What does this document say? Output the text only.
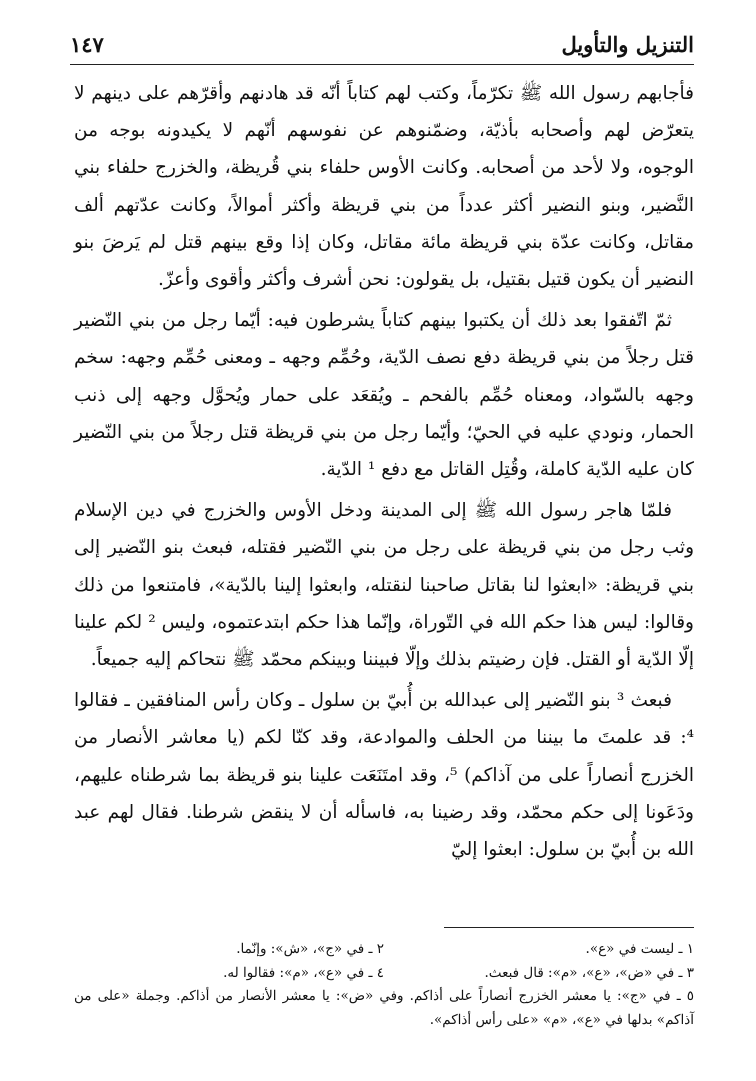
التنزيل والتأويل
١٤٧

فأجابهم رسول الله ﷺ تكرّماً، وكتب لهم كتاباً أنّه قد هادنهم وأقرّهم على دينهم لا يتعرّض لهم وأصحابه بأذيّة، وضمّنوهم عن نفوسهم أنّهم لا يكيدونه بوجه من الوجوه، ولا لأحد من أصحابه. وكانت الأوس حلفاء بني قُريظة، والخزرج حلفاء بني النَّضير، وبنو النضير أكثر عدداً من بني قريظة وأكثر أموالاً، وكانت عدّتهم ألف مقاتل، وكانت عدّة بني قريظة مائة مقاتل، وكان إذا وقع بينهم قتل لم يَرضَ بنو النضير أن يكون قتيل بقتيل، بل يقولون: نحن أشرف وأكثر وأقوى وأعزّ.

ثمّ اتّفقوا بعد ذلك أن يكتبوا بينهم كتاباً يشرطون فيه: أيّما رجل من بني النّضير قتل رجلاً من بني قريظة دفع نصف الدّية، وحُمِّم وجهه ـ ومعنى حُمِّم وجهه: سخم وجهه بالسّواد، ومعناه حُمِّم بالفحم ـ ويُقعَد على حمار ويُحوَّل وجهه إلى ذنب الحمار، ونودي عليه في الحيّ؛ وأيّما رجل من بني قريظة قتل رجلاً من بني النّضير كان عليه الدّية كاملة، وقُتِل القاتل مع دفع ¹ الدّية.

فلمّا هاجر رسول الله ﷺ إلى المدينة ودخل الأوس والخزرج في دين الإسلام وثب رجل من بني قريظة على رجل من بني النّضير فقتله، فبعث بنو النّضير إلى بني قريظة: «ابعثوا لنا بقاتل صاحبنا لنقتله، وابعثوا إلينا بالدّية»، فامتنعوا من ذلك وقالوا: ليس هذا حكم الله في التّوراة، وإنّما هذا حكم ابتدعتموه، وليس ² لكم علينا إلّا الدّية أو القتل. فإن رضيتم بذلك وإلّا فبيننا وبينكم محمّد ﷺ نتحاكم إليه جميعاً.

فبعث ³ بنو النّضير إلى عبدالله بن أُبيّ بن سلول ـ وكان رأس المنافقين ـ فقالوا ⁴: قد علمتَ ما بيننا من الحلف والموادعة، وقد كنّا لكم (يا معاشر الأنصار من الخزرج أنصاراً على من آذاكم) ⁵، وقد امتَنَعَت علينا بنو قريظة بما شرطناه عليهم، ودَعَونا إلى حكم محمّد، وقد رضينا به، فاسأله أن لا ينقض شرطنا. فقال لهم عبد الله بن أُبيّ بن سلول: ابعثوا إليّ

١ ـ ليست في «ع».
٢ ـ في «ج»، «ش»: وإنّما.
٣ ـ في «ض»، «ع»، «م»: قال فبعث.
٤ ـ في «ع»، «م»: فقالوا له.
٥ ـ في «ج»: يا معشر الخزرج أنصاراً على أذاكم. وفي «ض»: يا معشر الأنصار من أذاكم. وجملة «على من آذاكم» بدلها في «ع»، «م» «على رأس أذاكم».
